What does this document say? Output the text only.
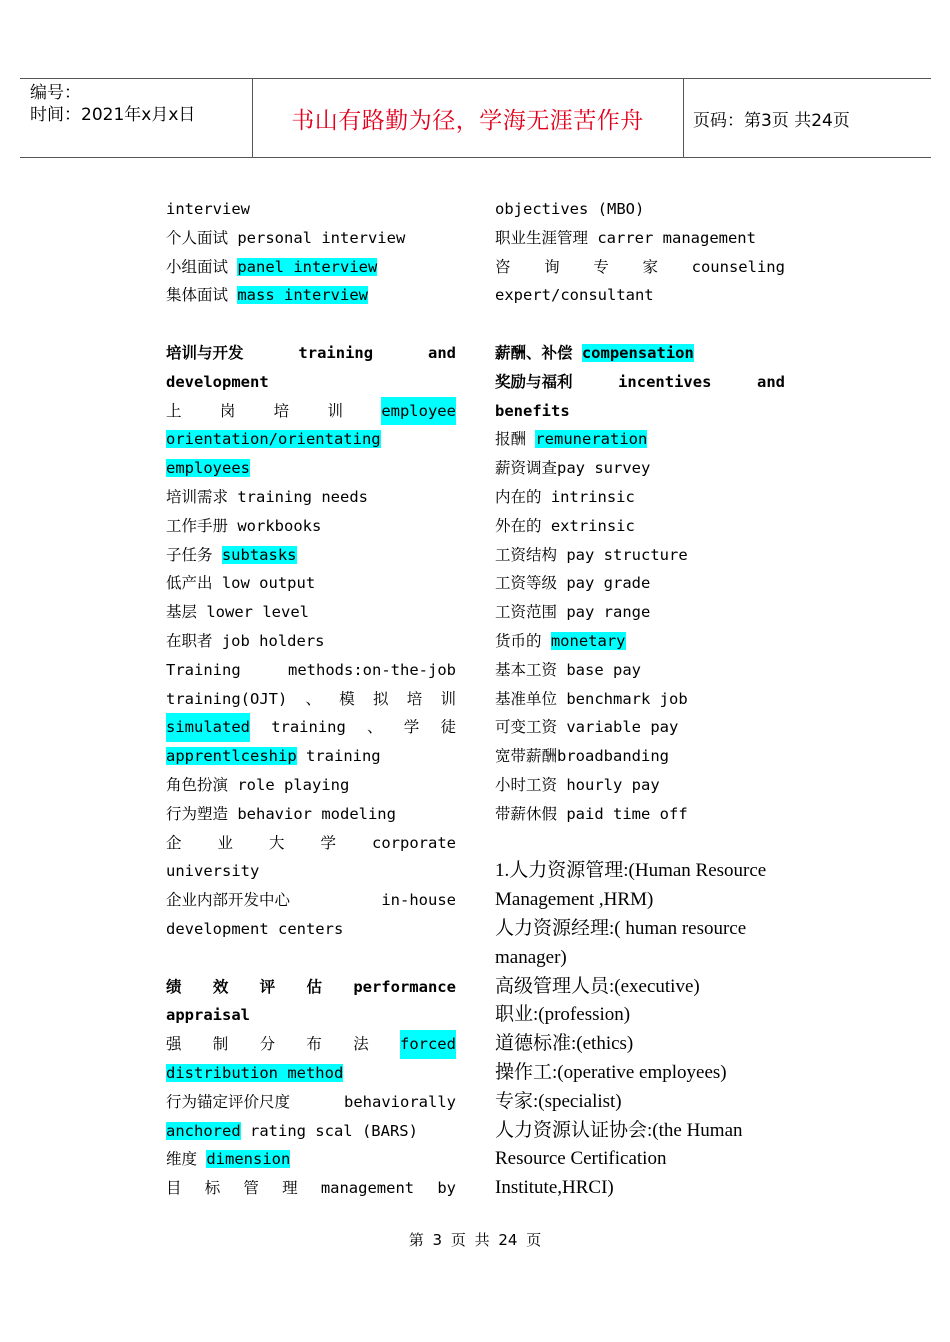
编号：
时间：2021年x月x日	书山有路勤为径，学海无涯苦作舟	页码：第3页 共24页
interview
个人面试 personal interview
小组面试 panel interview
集体面试 mass interview
培训与开发	training	and
development
上 岗 培 训 employee
orientation/orientating
employees
培训需求 training needs
工作手册 workbooks
子任务 subtasks
低产出 low output
基层 lower level
在职者 job holders
Training	methods:on-the-job
training(OJT) 、 模 拟 培 训
simulated training 、 学 徒
apprentlceship training
角色扮演 role playing
行为塑造 behavior modeling
企 业 大 学 corporate
university
企业内部开发中心	in-house
development centers
绩 效 评 估 performance
appraisal
强 制 分 布 法 forced
distribution method
行为锚定评价尺度	behaviorally
anchored rating scal (BARS)
维度 dimension
目 标 管 理 management by
objectives (MBO)
职业生涯管理 carrer management
咨 询 专 家 counseling
expert/consultant
薪酬、补偿 compensation
奖励与福利	incentives	and
benefits
报酬 remuneration
薪资调查pay survey
内在的 intrinsic
外在的 extrinsic
工资结构 pay structure
工资等级 pay grade
工资范围 pay range
货币的 monetary
基本工资 base pay
基准单位 benchmark job
可变工资 variable pay
宽带薪酬broadbanding
小时工资 hourly pay
带薪休假 paid time off
1.人力资源管理:(Human Resource
Management ,HRM)
人力资源经理:( human resource
manager)
高级管理人员:(executive)
职业:(profession)
道德标准:(ethics)
操作工:(operative employees)
专家:(specialist)
人力资源认证协会:(the Human
Resource Certification
Institute,HRCI)
第 3 页 共 24 页
